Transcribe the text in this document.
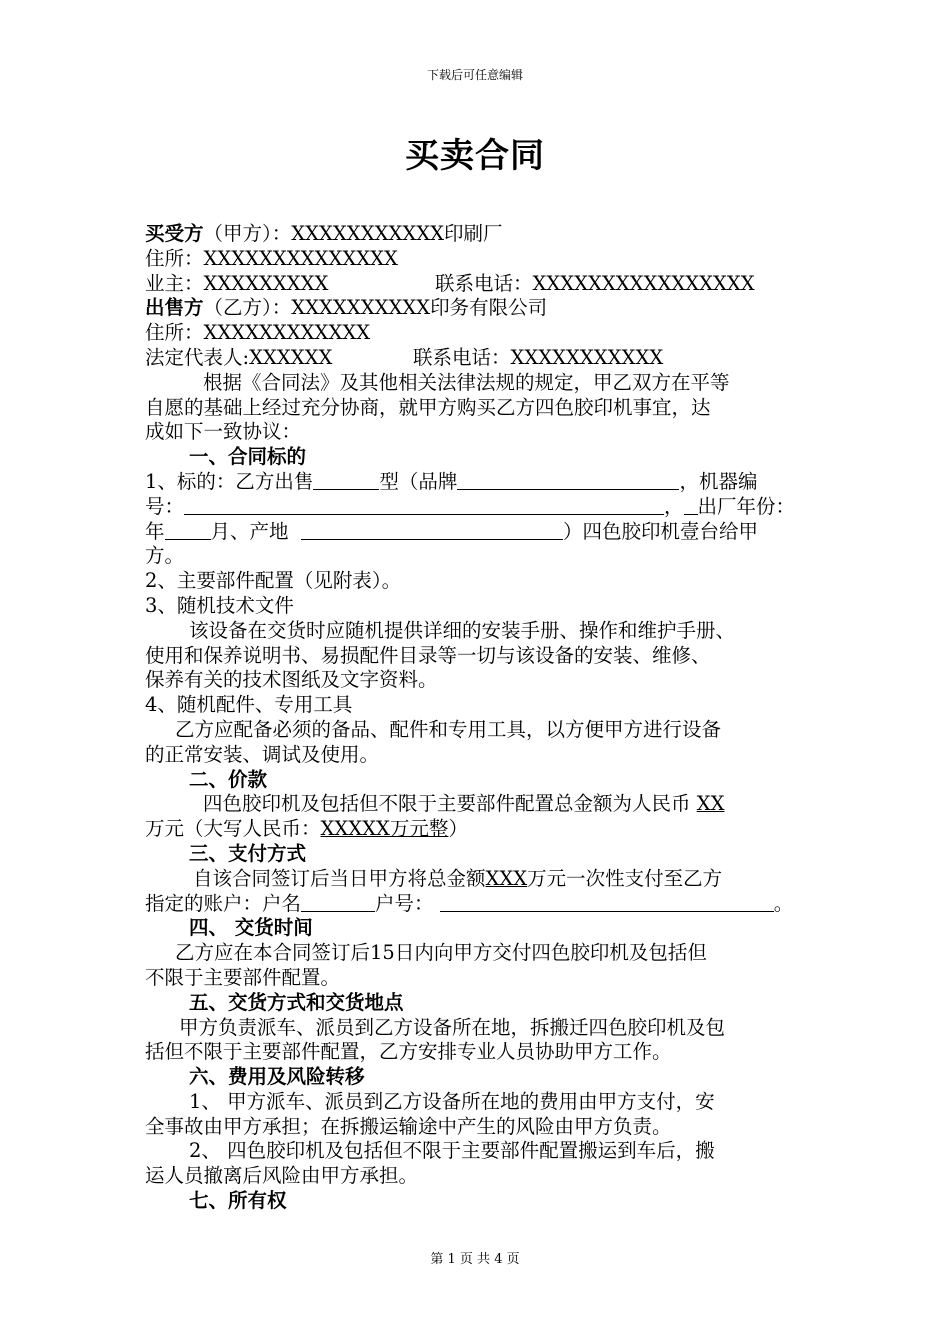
下载后可任意编辑
买卖合同
买受方（甲方）：XXXXXXXXXXX印刷厂
住所：XXXXXXXXXXXXXX
业主：XXXXXXXXX	联系电话：XXXXXXXXXXXXXXXX
出售方（乙方）：XXXXXXXXXX印务有限公司
住所：XXXXXXXXXXXX
法定代表人:XXXXXX	联系电话：XXXXXXXXXXX
根据《合同法》及其他相关法律法规的规定，甲乙双方在平等
自愿的基础上经过充分协商，就甲方购买乙方四色胶印机事宜，达
成如下一致协议：
一、合同标的
1、标的：乙方出售	型（品牌	，机器编
号：	， 出厂年份：
年 月、产地	）四色胶印机壹台给甲
方。
2、主要部件配置（见附表）。
3、随机技术文件
该设备在交货时应随机提供详细的安装手册、操作和维护手册、
使用和保养说明书、易损配件目录等一切与该设备的安装、维修、
保养有关的技术图纸及文字资料。
4、随机配件、专用工具
乙方应配备必须的备品、配件和专用工具，以方便甲方进行设备
的正常安装、调试及使用。
二、价款
四色胶印机及包括但不限于主要部件配置总金额为人民币 XX
万元（大写人民币：XXXXX万元整）
三、支付方式
自该合同签订后当日甲方将总金额XXX万元一次性支付至乙方
指定的账户：户名	户号：	。
四、 交货时间
乙方应在本合同签订后15日内向甲方交付四色胶印机及包括但
不限于主要部件配置。
五、交货方式和交货地点
甲方负责派车、派员到乙方设备所在地，拆搬迁四色胶印机及包
括但不限于主要部件配置，乙方安排专业人员协助甲方工作。
六、费用及风险转移
1、 甲方派车、派员到乙方设备所在地的费用由甲方支付，安
全事故由甲方承担；在拆搬运输途中产生的风险由甲方负责。
2、 四色胶印机及包括但不限于主要部件配置搬运到车后，搬
运人员撤离后风险由甲方承担。
七、所有权
第 1 页 共 4 页
